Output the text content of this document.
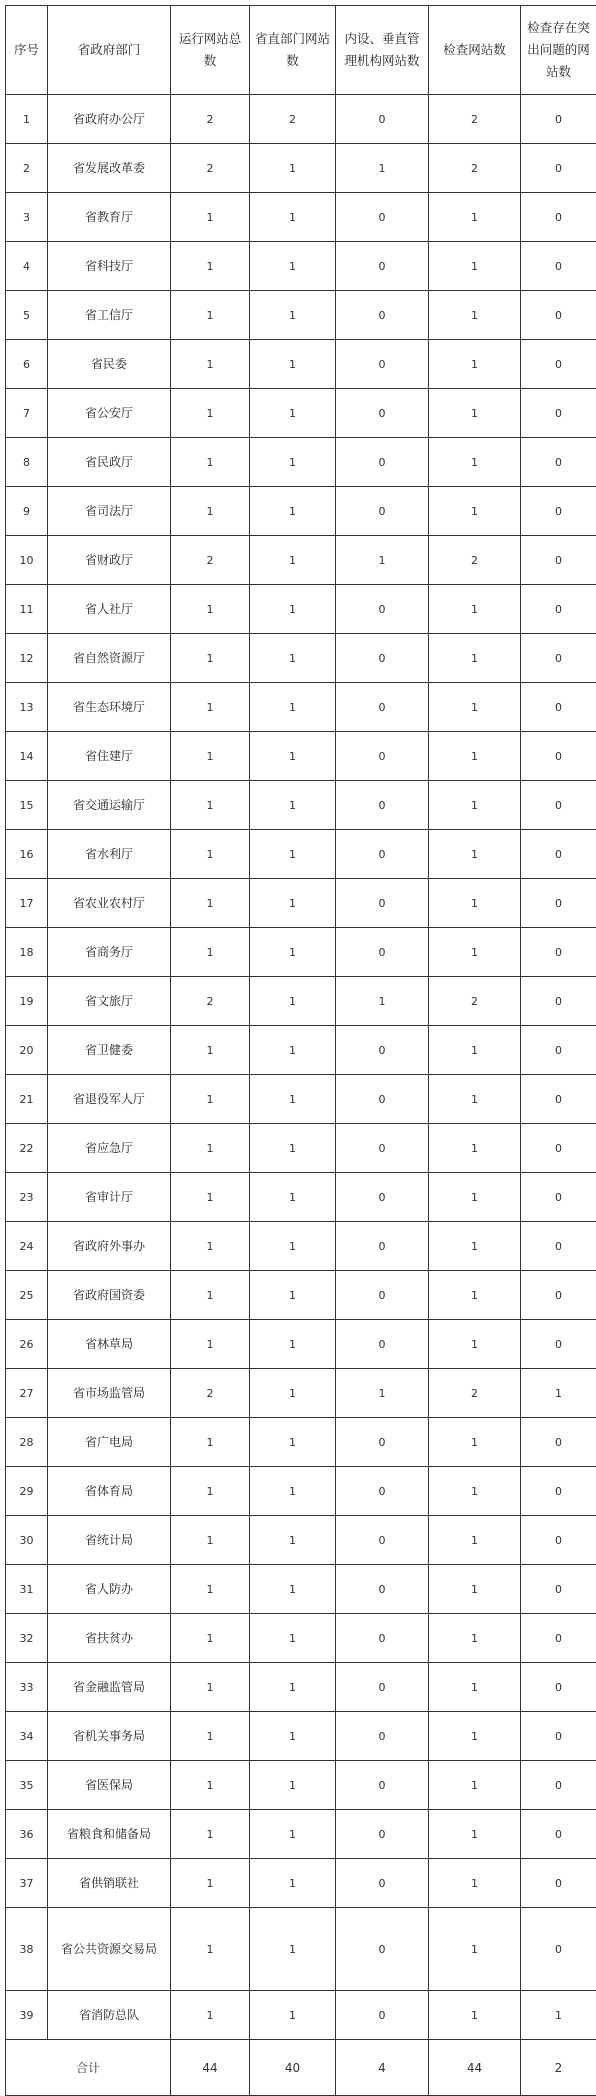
序号	省政府部门	运行网站总数	省直部门网站数	内设、垂直管理机构网站数	检查网站数	检查存在突出问题的网站数
1	省政府办公厅	2	2	0	2	0
2	省发展改革委	2	1	1	2	0
3	省教育厅	1	1	0	1	0
4	省科技厅	1	1	0	1	0
5	省工信厅	1	1	0	1	0
6	省民委	1	1	0	1	0
7	省公安厅	1	1	0	1	0
8	省民政厅	1	1	0	1	0
9	省司法厅	1	1	0	1	0
10	省财政厅	2	1	1	2	0
11	省人社厅	1	1	0	1	0
12	省自然资源厅	1	1	0	1	0
13	省生态环境厅	1	1	0	1	0
14	省住建厅	1	1	0	1	0
15	省交通运输厅	1	1	0	1	0
16	省水利厅	1	1	0	1	0
17	省农业农村厅	1	1	0	1	0
18	省商务厅	1	1	0	1	0
19	省文旅厅	2	1	1	2	0
20	省卫健委	1	1	0	1	0
21	省退役军人厅	1	1	0	1	0
22	省应急厅	1	1	0	1	0
23	省审计厅	1	1	0	1	0
24	省政府外事办	1	1	0	1	0
25	省政府国资委	1	1	0	1	0
26	省林草局	1	1	0	1	0
27	省市场监管局	2	1	1	2	1
28	省广电局	1	1	0	1	0
29	省体育局	1	1	0	1	0
30	省统计局	1	1	0	1	0
31	省人防办	1	1	0	1	0
32	省扶贫办	1	1	0	1	0
33	省金融监管局	1	1	0	1	0
34	省机关事务局	1	1	0	1	0
35	省医保局	1	1	0	1	0
36	省粮食和储备局	1	1	0	1	0
37	省供销联社	1	1	0	1	0
38	省公共资源交易局	1	1	0	1	0
39	省消防总队	1	1	0	1	1
合计		44	40	4	44	2
